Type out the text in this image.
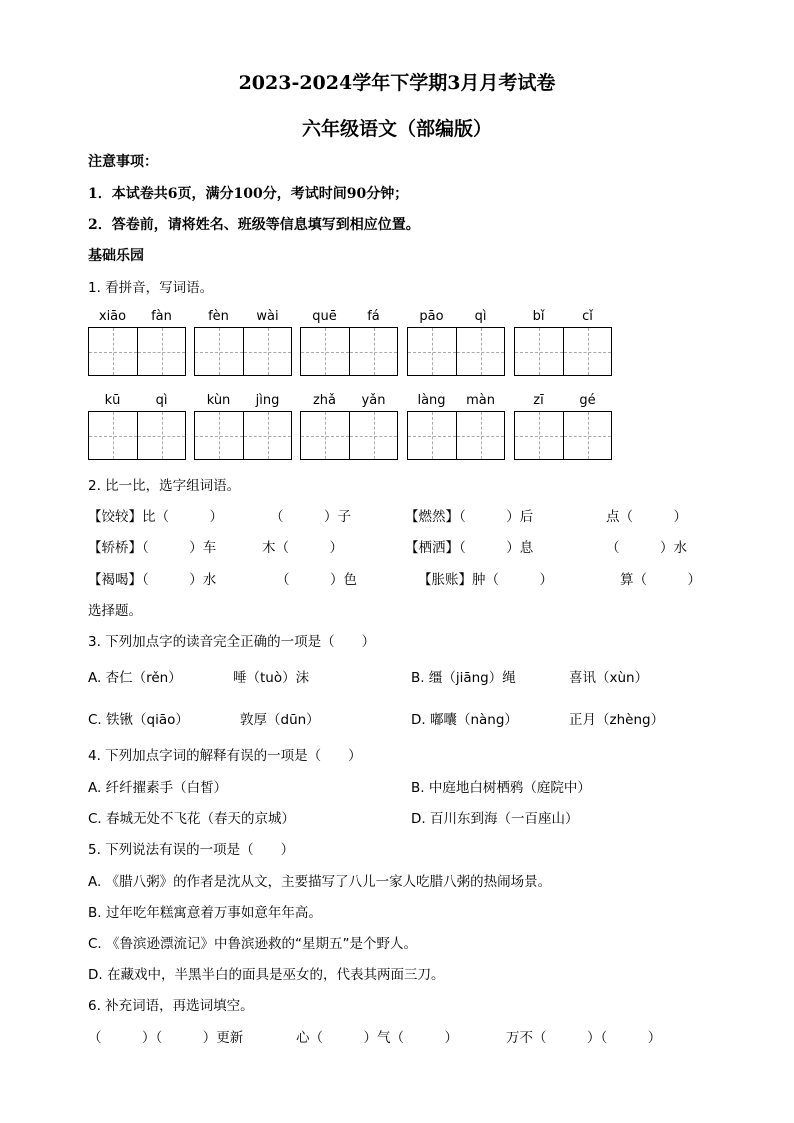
2023-2024学年下学期3月月考试卷
六年级语文（部编版）
注意事项：
1．本试卷共6页，满分100分，考试时间90分钟；
2．答卷前，请将姓名、班级等信息填写到相应位置。
基础乐园
1. 看拼音，写词语。
xiāo	fàn	fèn	wài	quē	fá	pāo	qì	bǐ	cǐ
kū	qì	kùn	jìng	zhǎ	yǎn	làng	màn	zī	gé
2. 比一比，选字组词语。
【饺较】比（　　　）	（　　　）子	【燃然】（　　　）后	点（　　　）
【轿桥】（　　　）车	木（　　　）	【栖洒】（　　　）息	（　　　）水
【褐喝】（　　　）水	（　　　）色	【胀账】肿（　　　）	算（　　　）
选择题。
3. 下列加点字的读音完全正确的一项是（　　）
A. 杏仁（rěn）	唾（tuò）沫	B. 缰（jiāng）绳	喜讯（xùn）
C. 铁锹（qiāo）	敦厚（dūn）	D. 嘟囔（nàng）	正月（zhèng）
4. 下列加点字词的解释有误的一项是（　　）
A. 纤纤擢素手（白皙）	B. 中庭地白树栖鸦（庭院中）
C. 春城无处不飞花（春天的京城）	D. 百川东到海（一百座山）
5. 下列说法有误的一项是（　　）
A. 《腊八粥》的作者是沈从文，主要描写了八儿一家人吃腊八粥的热闹场景。
B. 过年吃年糕寓意着万事如意年年高。
C. 《鲁滨逊漂流记》中鲁滨逊救的“星期五”是个野人。
D. 在藏戏中，半黑半白的面具是巫女的，代表其两面三刀。
6. 补充词语，再选词填空。
（　　　）（　　　）更新	心（　　　）气（　　　）	万不（　　　）（　　　）
